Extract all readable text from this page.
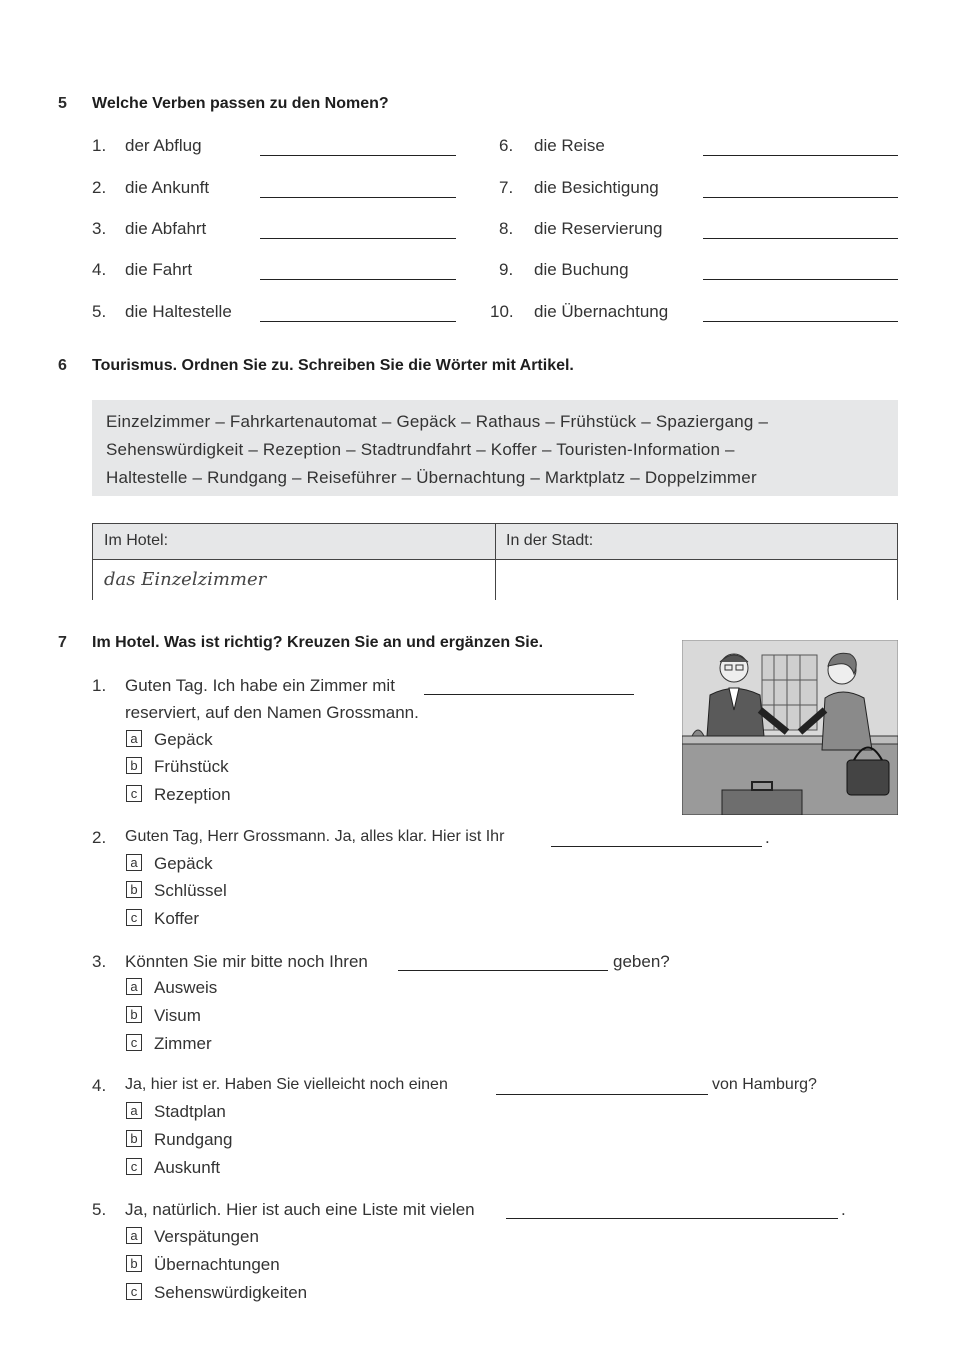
5 Welche Verben passen zu den Nomen?
1. der Abflug
2. die Ankunft
3. die Abfahrt
4. die Fahrt
5. die Haltestelle
6. die Reise
7. die Besichtigung
8. die Reservierung
9. die Buchung
10. die Übernachtung
6 Tourismus. Ordnen Sie zu. Schreiben Sie die Wörter mit Artikel.
Einzelzimmer – Fahrkartenautomat – Gepäck – Rathaus – Frühstück – Spaziergang –
Sehenswürdigkeit – Rezeption – Stadtrundfahrt – Koffer – Touristen-Information –
Haltestelle – Rundgang – Reiseführer – Übernachtung – Marktplatz – Doppelzimmer
Im Hotel:	In der Stadt:
das Einzelzimmer
7 Im Hotel. Was ist richtig? Kreuzen Sie an und ergänzen Sie.
1. Guten Tag. Ich habe ein Zimmer mit
reserviert, auf den Namen Grossmann.
a Gepäck
b Frühstück
c Rezeption
2. Guten Tag, Herr Grossmann. Ja, alles klar. Hier ist Ihr	.
a Gepäck
b Schlüssel
c Koffer
3. Könnten Sie mir bitte noch Ihren	geben?
a Ausweis
b Visum
c Zimmer
4. Ja, hier ist er. Haben Sie vielleicht noch einen	von Hamburg?
a Stadtplan
b Rundgang
c Auskunft
5. Ja, natürlich. Hier ist auch eine Liste mit vielen	.
a Verspätungen
b Übernachtungen
c Sehenswürdigkeiten
